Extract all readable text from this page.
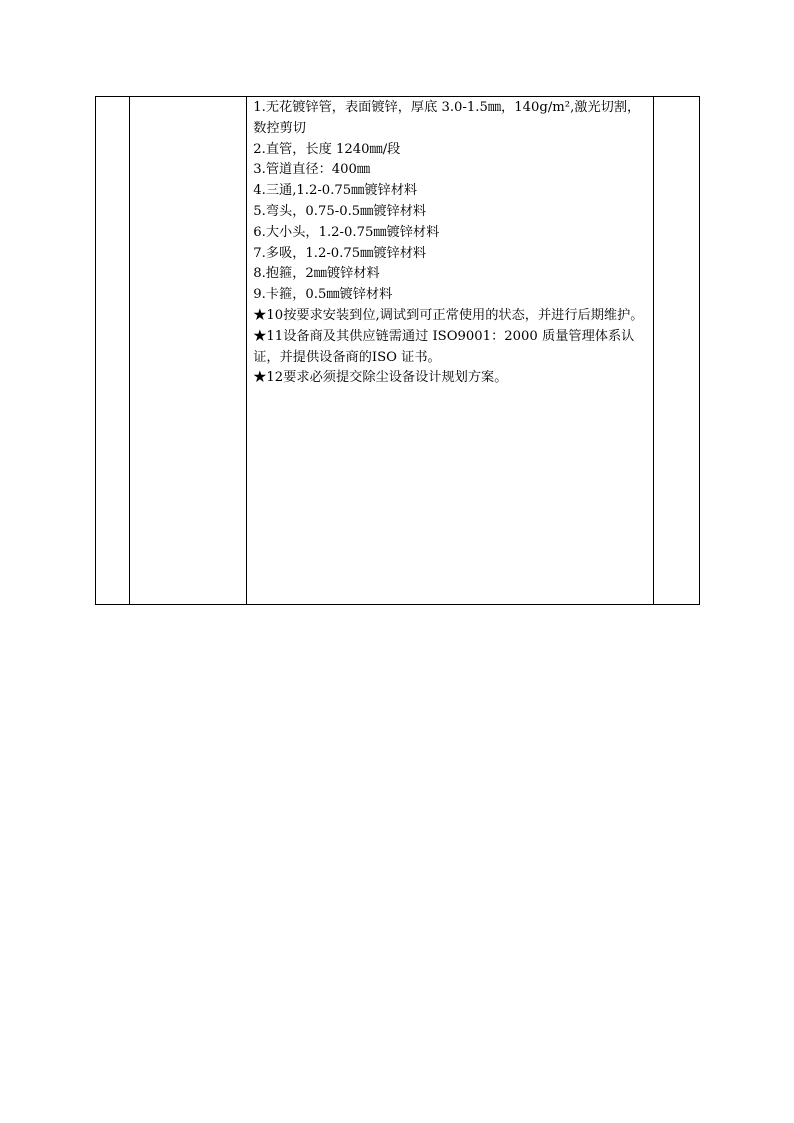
1.无花镀锌管，表面镀锌，厚底 3.0-1.5㎜，140g/m²,激光切割，数控剪切
2.直管，长度 1240㎜/段
3.管道直径：400㎜
4.三通,1.2-0.75㎜镀锌材料
5.弯头，0.75-0.5㎜镀锌材料
6.大小头，1.2-0.75㎜镀锌材料
7.多吸，1.2-0.75㎜镀锌材料
8.抱箍，2㎜镀锌材料
9.卡箍，0.5㎜镀锌材料
★10按要求安装到位,调试到可正常使用的状态，并进行后期维护。
★11设备商及其供应链需通过 ISO9001：2000 质量管理体系认证，并提供设备商的ISO 证书。
★12要求必须提交除尘设备设计规划方案。
